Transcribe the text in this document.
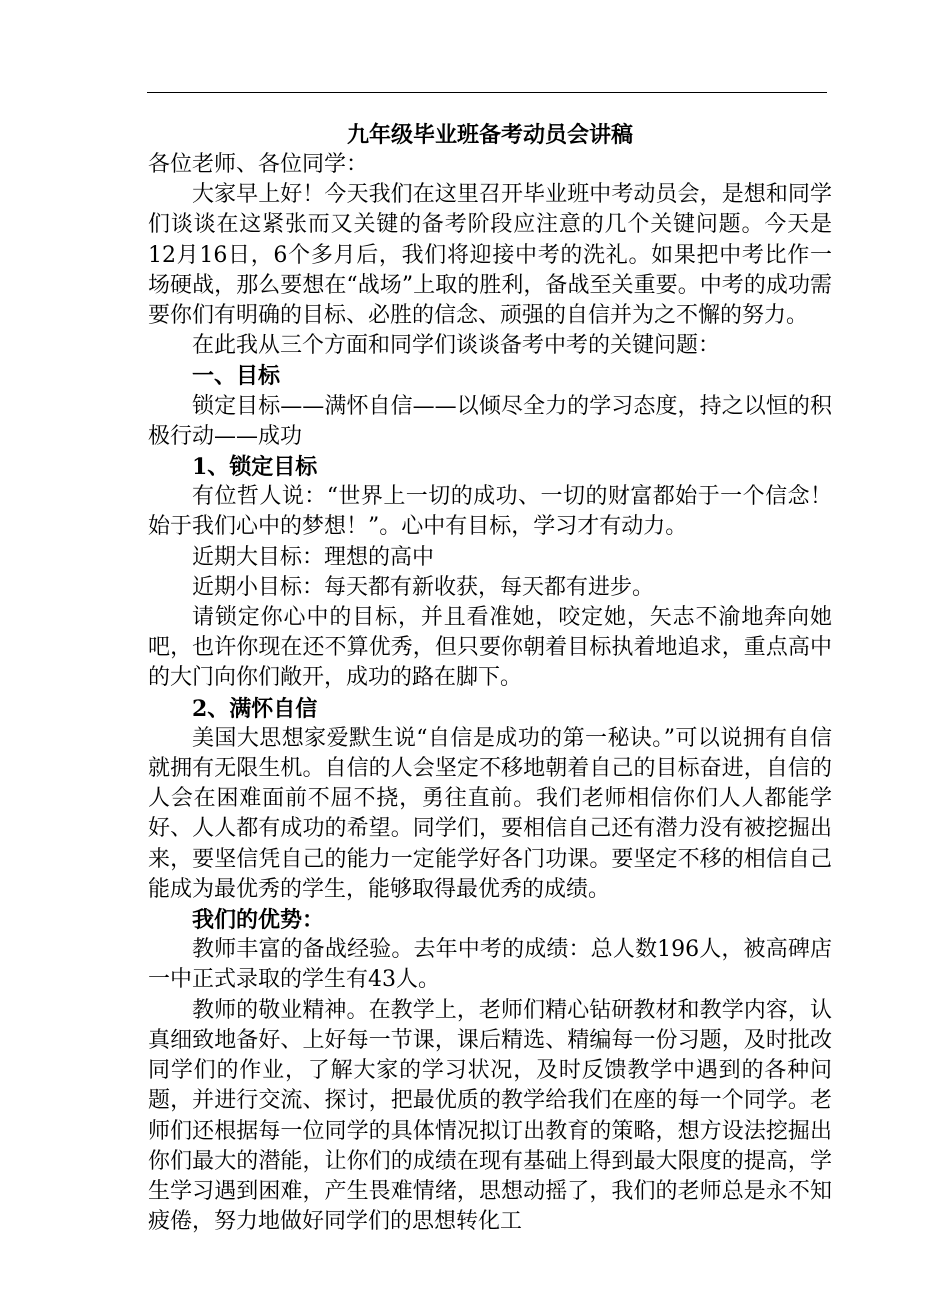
九年级毕业班备考动员会讲稿

各位老师、各位同学：

大家早上好！今天我们在这里召开毕业班中考动员会，是想和同学们谈谈在这紧张而又关键的备考阶段应注意的几个关键问题。今天是12月16日，6个多月后，我们将迎接中考的洗礼。如果把中考比作一场硬战，那么要想在“战场”上取的胜利，备战至关重要。中考的成功需要你们有明确的目标、必胜的信念、顽强的自信并为之不懈的努力。

在此我从三个方面和同学们谈谈备考中考的关键问题：

一、目标

锁定目标——满怀自信——以倾尽全力的学习态度，持之以恒的积极行动——成功

1、锁定目标

有位哲人说：“世界上一切的成功、一切的财富都始于一个信念！始于我们心中的梦想！”。心中有目标，学习才有动力。

近期大目标：理想的高中

近期小目标：每天都有新收获，每天都有进步。

请锁定你心中的目标，并且看准她，咬定她，矢志不渝地奔向她吧，也许你现在还不算优秀，但只要你朝着目标执着地追求，重点高中的大门向你们敞开，成功的路在脚下。

2、满怀自信

美国大思想家爱默生说“自信是成功的第一秘诀。”可以说拥有自信就拥有无限生机。自信的人会坚定不移地朝着自己的目标奋进，自信的人会在困难面前不屈不挠，勇往直前。我们老师相信你们人人都能学好、人人都有成功的希望。同学们，要相信自己还有潜力没有被挖掘出来，要坚信凭自己的能力一定能学好各门功课。要坚定不移的相信自己能成为最优秀的学生，能够取得最优秀的成绩。

我们的优势：

教师丰富的备战经验。去年中考的成绩：总人数196人，被高碑店一中正式录取的学生有43人。

教师的敬业精神。在教学上，老师们精心钻研教材和教学内容，认真细致地备好、上好每一节课，课后精选、精编每一份习题，及时批改同学们的作业，了解大家的学习状况，及时反馈教学中遇到的各种问题，并进行交流、探讨，把最优质的教学给我们在座的每一个同学。老师们还根据每一位同学的具体情况拟订出教育的策略，想方设法挖掘出你们最大的潜能，让你们的成绩在现有基础上得到最大限度的提高，学生学习遇到困难，产生畏难情绪，思想动摇了，我们的老师总是永不知疲倦，努力地做好同学们的思想转化工
